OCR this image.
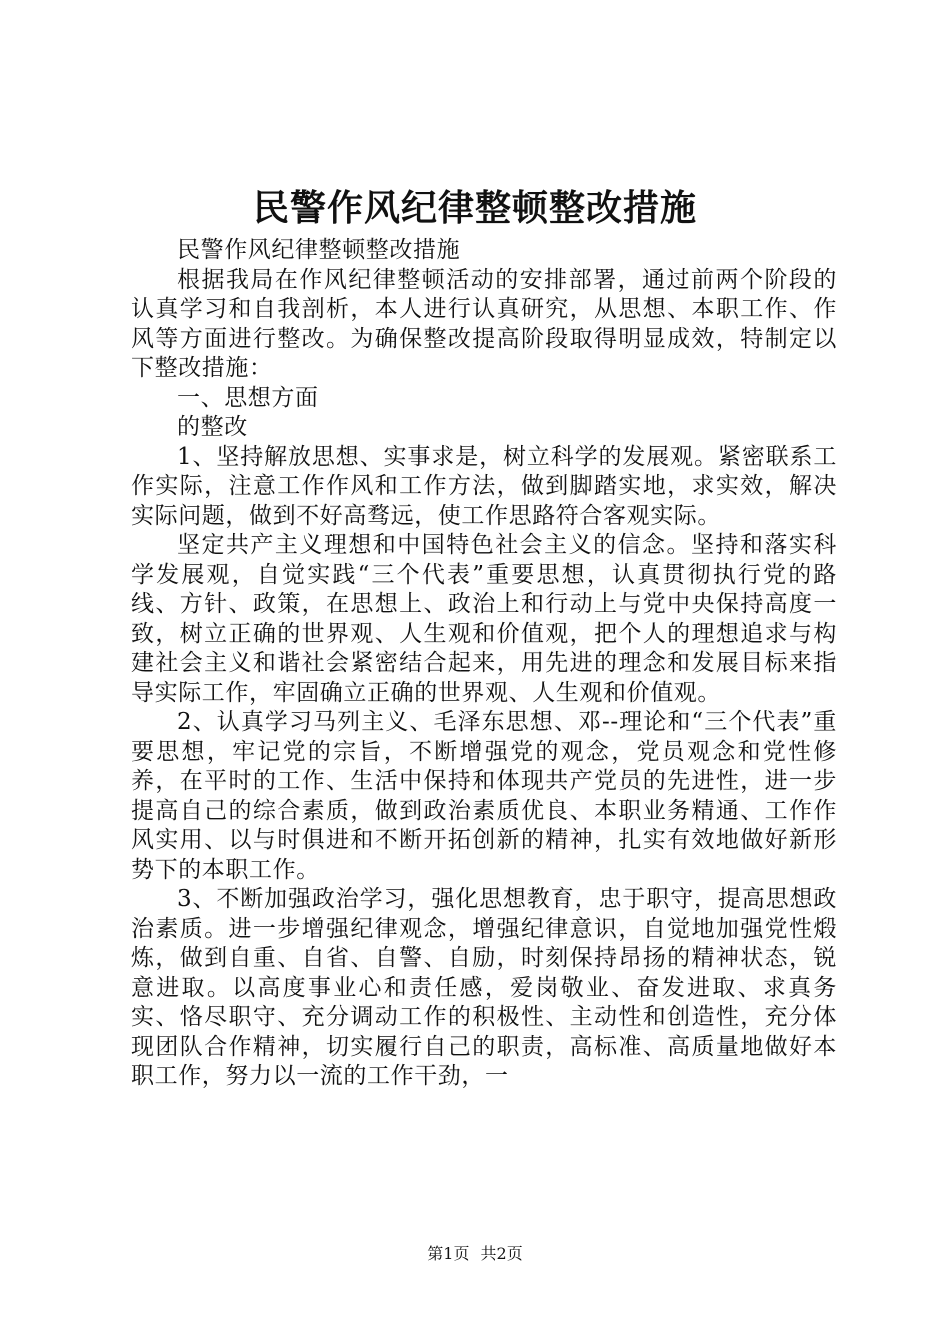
民警作风纪律整顿整改措施

民警作风纪律整顿整改措施

根据我局在作风纪律整顿活动的安排部署，通过前两个阶段的认真学习和自我剖析，本人进行认真研究，从思想、本职工作、作风等方面进行整改。为确保整改提高阶段取得明显成效，特制定以下整改措施：

一、思想方面

的整改

1、坚持解放思想、实事求是，树立科学的发展观。紧密联系工作实际，注意工作作风和工作方法，做到脚踏实地，求实效，解决实际问题，做到不好高骛远，使工作思路符合客观实际。

坚定共产主义理想和中国特色社会主义的信念。坚持和落实科学发展观，自觉实践“三个代表”重要思想，认真贯彻执行党的路线、方针、政策，在思想上、政治上和行动上与党中央保持高度一致，树立正确的世界观、人生观和价值观，把个人的理想追求与构建社会主义和谐社会紧密结合起来，用先进的理念和发展目标来指导实际工作，牢固确立正确的世界观、人生观和价值观。

2、认真学习马列主义、毛泽东思想、邓--理论和“三个代表”重要思想，牢记党的宗旨，不断增强党的观念，党员观念和党性修养，在平时的工作、生活中保持和体现共产党员的先进性，进一步提高自己的综合素质，做到政治素质优良、本职业务精通、工作作风实用、以与时俱进和不断开拓创新的精神，扎实有效地做好新形势下的本职工作。

3、不断加强政治学习，强化思想教育，忠于职守，提高思想政治素质。进一步增强纪律观念，增强纪律意识，自觉地加强党性煅炼，做到自重、自省、自警、自励，时刻保持昂扬的精神状态，锐意进取。以高度事业心和责任感，爱岗敬业、奋发进取、求真务实、恪尽职守、充分调动工作的积极性、主动性和创造性，充分体现团队合作精神，切实履行自己的职责，高标准、高质量地做好本职工作，努力以一流的工作干劲，一

第1页 共2页
